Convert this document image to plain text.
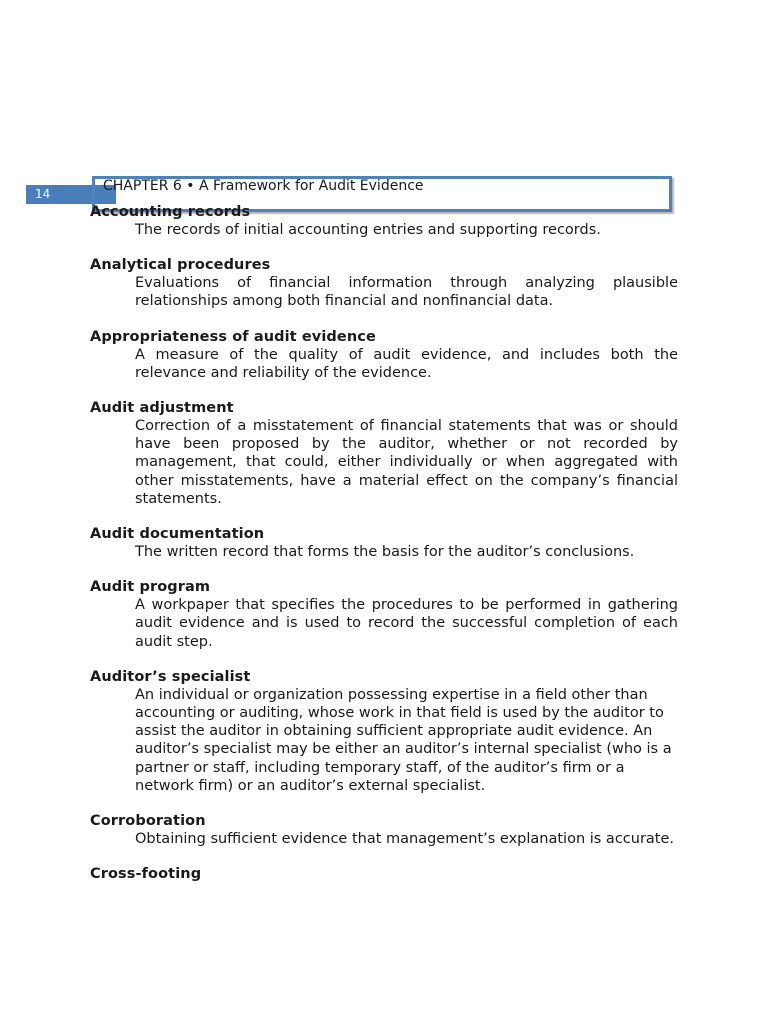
14	CHAPTER 6 • A Framework for Audit Evidence
Accounting records
The records of initial accounting entries and supporting records.
Analytical procedures
Evaluations of financial information through analyzing plausible relationships among both financial and nonfinancial data.
Appropriateness of audit evidence
A measure of the quality of audit evidence, and includes both the relevance and reliability of the evidence.
Audit adjustment
Correction of a misstatement of financial statements that was or should have been proposed by the auditor, whether or not recorded by management, that could, either individually or when aggregated with other misstatements, have a material effect on the company’s financial statements.
Audit documentation
The written record that forms the basis for the auditor’s conclusions.
Audit program
A workpaper that specifies the procedures to be performed in gathering audit evidence and is used to record the successful completion of each audit step.
Auditor’s specialist
An individual or organization possessing expertise in a field other than accounting or auditing, whose work in that field is used by the auditor to assist the auditor in obtaining sufficient appropriate audit evidence. An auditor’s specialist may be either an auditor’s internal specialist (who is a partner or staff, including temporary staff, of the auditor’s firm or a network firm) or an auditor’s external specialist.
Corroboration
Obtaining sufficient evidence that management’s explanation is accurate.
Cross-footing
